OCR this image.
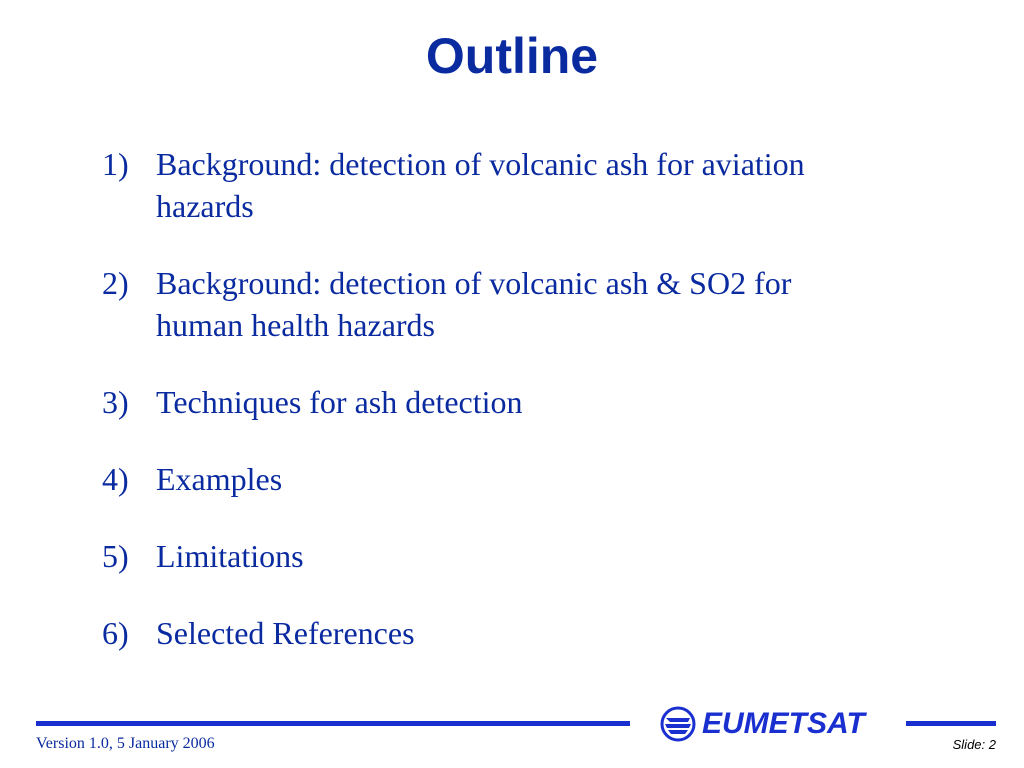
Outline
1) Background: detection of volcanic ash for aviation hazards
2) Background: detection of volcanic ash & SO2 for human health hazards
3) Techniques for ash detection
4) Examples
5) Limitations
6) Selected References
EUMETSAT
Version 1.0, 5 January 2006	Slide: 2
